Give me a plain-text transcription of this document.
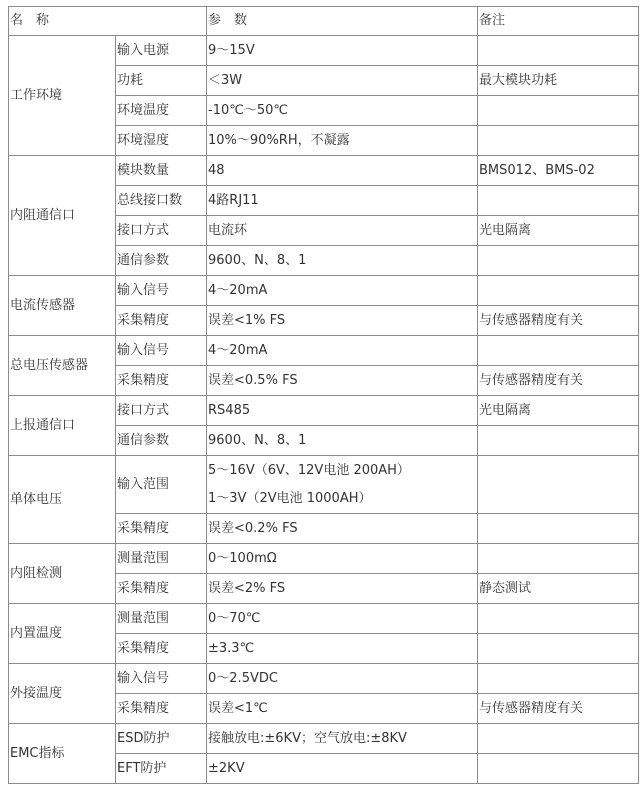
名　称		参　数	备注
工作环境	输入电源	9～15V	
	功耗	＜3W	最大模块功耗
	环境温度	-10℃～50℃	
	环境湿度	10%～90%RH，不凝露	
内阻通信口	模块数量	48	BMS012、BMS-02
	总线接口数	4路RJ11	
	接口方式	电流环	光电隔离
	通信参数	9600、N、8、1	
电流传感器	输入信号	4～20mA	
	采集精度	误差<1% FS	与传感器精度有关
总电压传感器	输入信号	4～20mA	
	采集精度	误差<0.5% FS	与传感器精度有关
上报通信口	接口方式	RS485	光电隔离
	通信参数	9600、N、8、1	
单体电压	输入范围	5～16V（6V、12V电池 200AH）
1～3V（2V电池 1000AH）	

	采集精度	误差<0.2% FS	
内阻检测	测量范围	0～100mΩ	
	采集精度	误差<2% FS	静态测试
内置温度	测量范围	0～70℃	
	采集精度	±3.3℃	
外接温度	输入信号	0～2.5VDC	
	采集精度	误差<1℃	与传感器精度有关
EMC指标	ESD防护	接触放电:±6KV；空气放电:±8KV	
	EFT防护	±2KV	
